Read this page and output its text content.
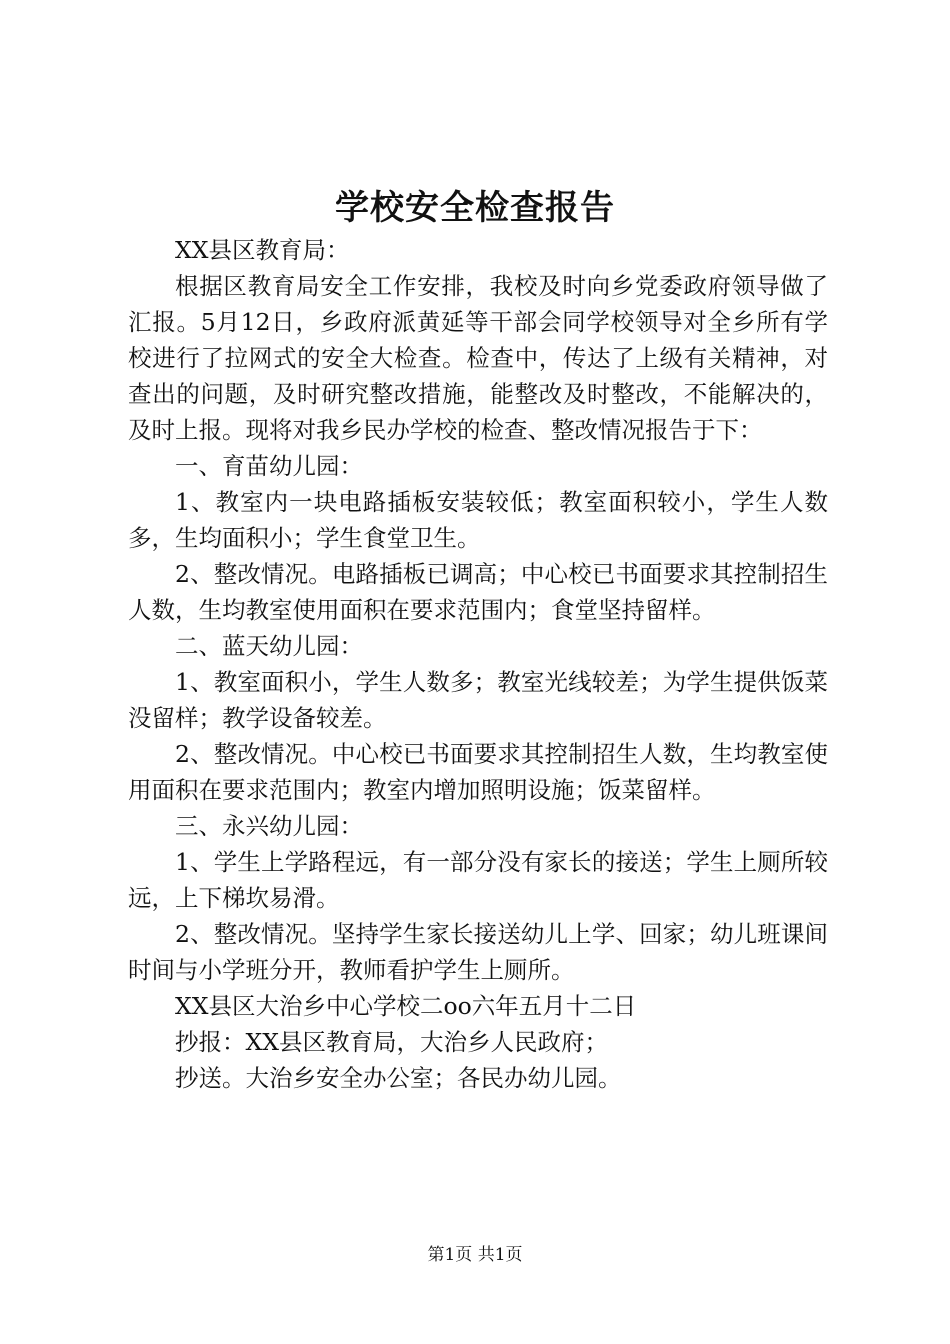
学校安全检查报告

XX县区教育局：

根据区教育局安全工作安排，我校及时向乡党委政府领导做了汇报。5月12日，乡政府派黄延等干部会同学校领导对全乡所有学校进行了拉网式的安全大检查。检查中，传达了上级有关精神，对查出的问题，及时研究整改措施，能整改及时整改，不能解决的，及时上报。现将对我乡民办学校的检查、整改情况报告于下：

一、育苗幼儿园：

1、教室内一块电路插板安装较低；教室面积较小，学生人数多，生均面积小；学生食堂卫生。

2、整改情况。电路插板已调高；中心校已书面要求其控制招生人数，生均教室使用面积在要求范围内；食堂坚持留样。

二、蓝天幼儿园：

1、教室面积小，学生人数多；教室光线较差；为学生提供饭菜没留样；教学设备较差。

2、整改情况。中心校已书面要求其控制招生人数，生均教室使用面积在要求范围内；教室内增加照明设施；饭菜留样。

三、永兴幼儿园：

1、学生上学路程远，有一部分没有家长的接送；学生上厕所较远，上下梯坎易滑。

2、整改情况。坚持学生家长接送幼儿上学、回家；幼儿班课间时间与小学班分开，教师看护学生上厕所。

XX县区大治乡中心学校二oo六年五月十二日

抄报：XX县区教育局，大治乡人民政府；

抄送。大治乡安全办公室；各民办幼儿园。

第1页 共1页
